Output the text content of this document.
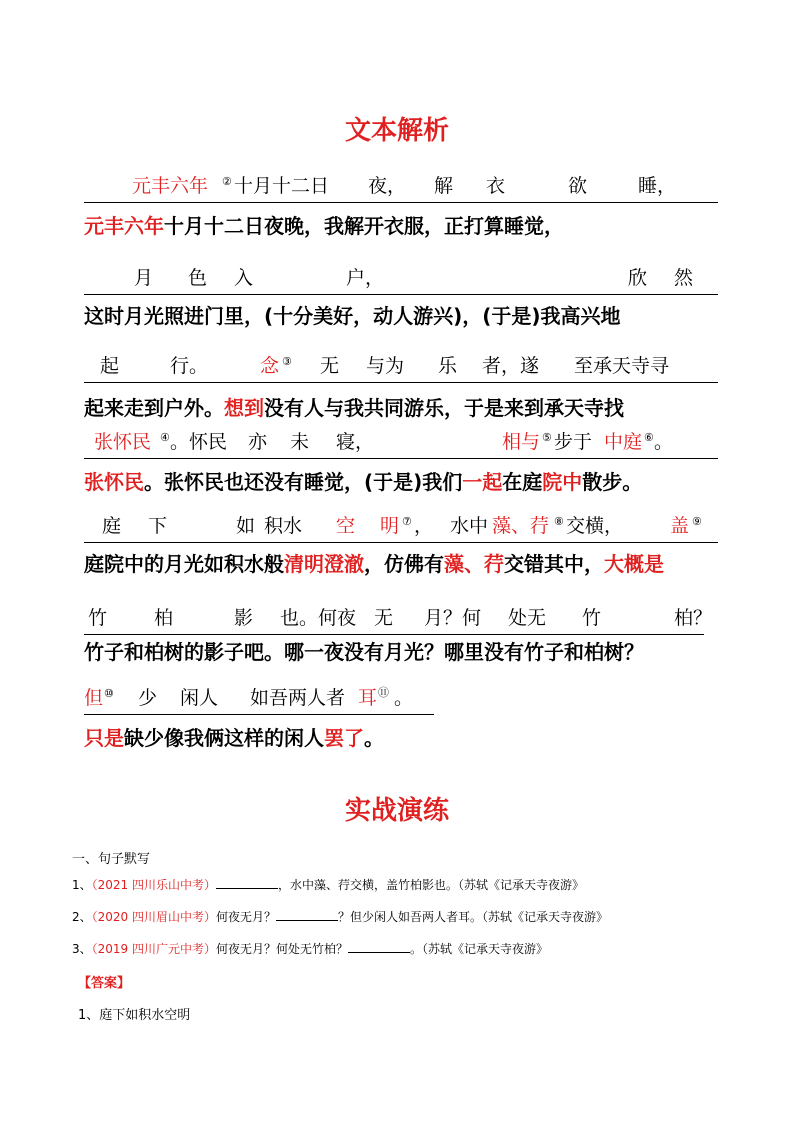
文本解析
元丰六年 ② 十月十二日 夜， 解 衣	欲	睡，
元丰六年十月十二日夜晚，我解开衣服，正打算睡觉，
月 色 入	户，	欣 然
这时月光照进门里，(十分美好，动人游兴)，(于是)我高兴地
起	行。	念 ③ 无 与为 乐 者，遂 至承天寺寻
起来走到户外。想到没有人与我共同游乐，于是来到承天寺找
张怀民 ④ 。怀民 亦 未 寝，	相与 ⑤ 步于 中庭 ⑥ 。
张怀民。张怀民也还没有睡觉，(于是)我们一起在庭院中散步。
庭 下	如 积水 空 明 ⑦ ， 水中 藻、荇 ⑧ 交横， 盖 ⑨
庭院中的月光如积水般清明澄澈，仿佛有藻、荇交错其中，大概是
竹 柏	影 也。何夜 无 月？何 处无 竹	柏？
竹子和柏树的影子吧。哪一夜没有月光？哪里没有竹子和柏树？
但 ⑩ 少 闲人 如吾两人者 耳 ⑪ 。
只是缺少像我俩这样的闲人罢了。
实战演练
一、句子默写
1、（2021 四川乐山中考）	，水中藻、荇交横，盖竹柏影也。（苏轼《记承天寺夜游》
2、（2020 四川眉山中考）何夜无月？	？但少闲人如吾两人者耳。（苏轼《记承天寺夜游》
3、（2019 四川广元中考）何夜无月？何处无竹柏？	。（苏轼《记承天寺夜游》
【答案】
1、庭下如积水空明
